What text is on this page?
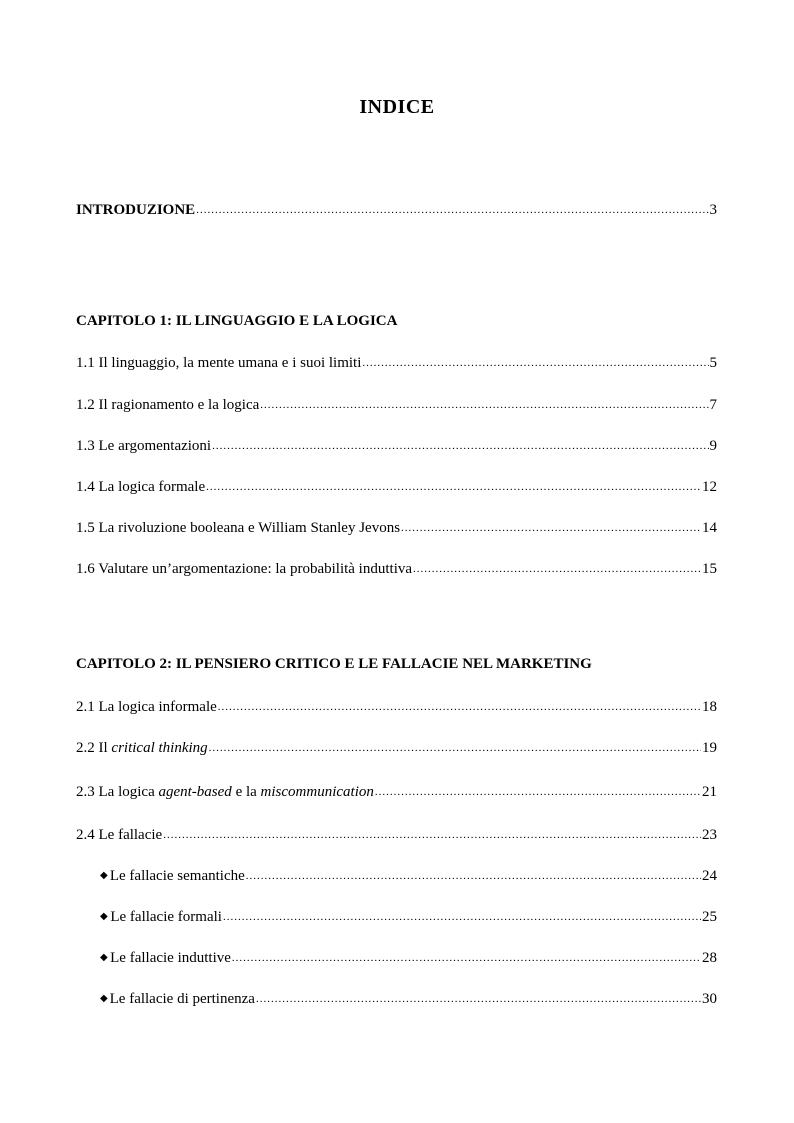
INDICE
INTRODUZIONE .....	3
CAPITOLO 1: IL LINGUAGGIO E LA LOGICA
1.1 Il linguaggio, la mente umana e i suoi limiti .....	5
1.2 Il ragionamento e la logica .....	7
1.3 Le argomentazioni .....	9
1.4 La logica formale .....	12
1.5 La rivoluzione booleana e William Stanley Jevons .....	14
1.6 Valutare un’argomentazione: la probabilità induttiva .....	15
CAPITOLO 2: IL PENSIERO CRITICO E LE FALLACIE NEL MARKETING
2.1 La logica informale .....	18
2.2 Il critical thinking .....	19
2.3 La logica agent-based e la miscommunication .....	21
2.4 Le fallacie .....	23
◆ Le fallacie semantiche .....	24
◆ Le fallacie formali .....	25
◆ Le fallacie induttive .....	28
◆ Le fallacie di pertinenza .....	30
